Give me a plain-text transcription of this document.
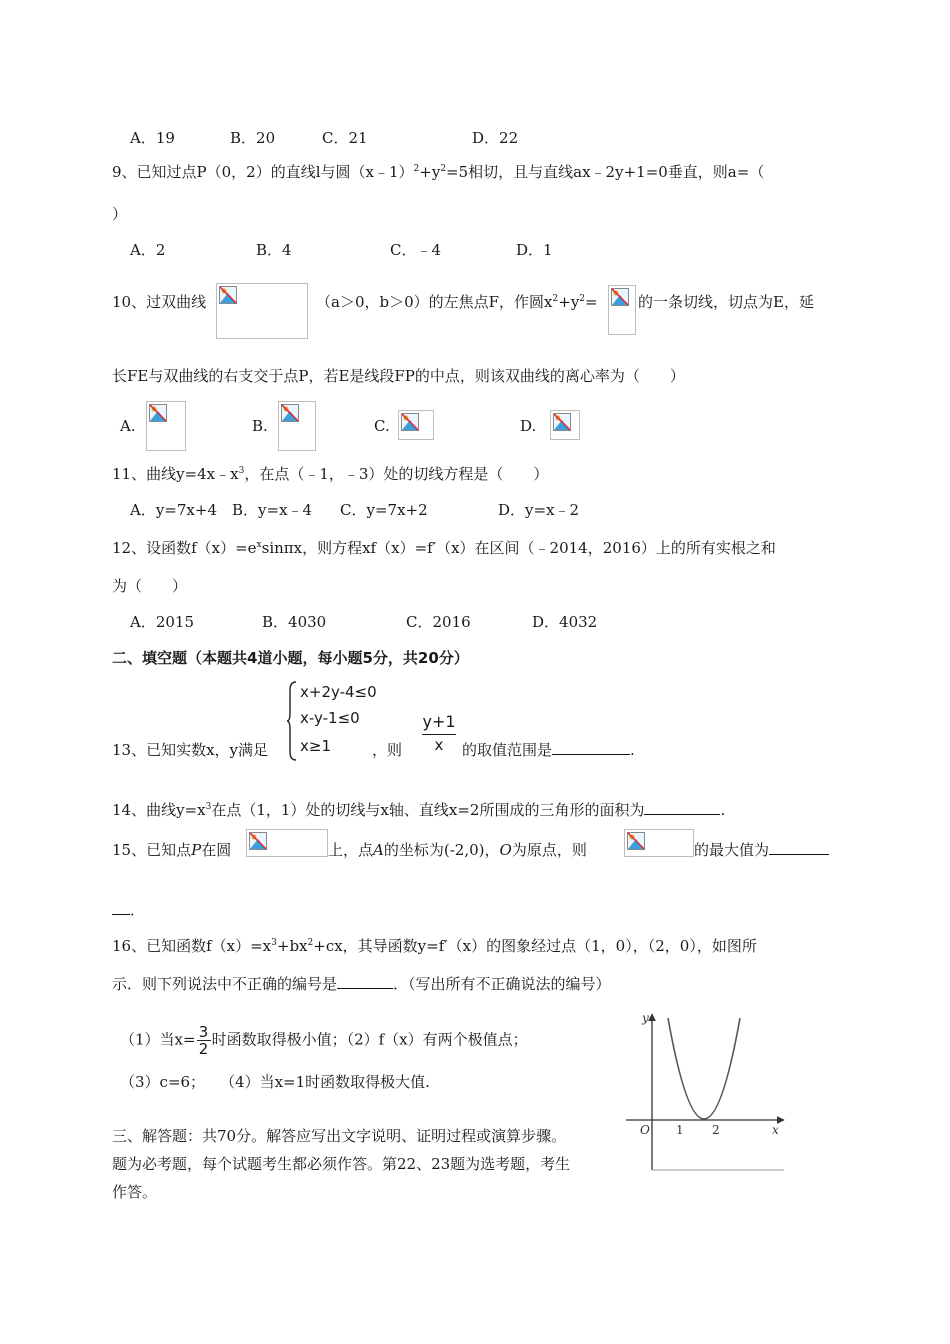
A．19	B．20	C．21	D．22
9、已知过点P（0，2）的直线l与圆$(x﹣1)^2+y^2=5$相切，且与直线ax﹣2y+1=0垂直，则a=（
）
A．2	B．4	C．﹣4	D．1
10、过双曲线	（a＞0，b＞0）的左焦点F，作圆$x^2+y^2=$	的一条切线，切点为E，延
长FE与双曲线的右支交于点P，若E是线段FP的中点，则该双曲线的离心率为（　　）
A.	B.	C.	D.
11、曲线$y=4x﹣x^3$，在点（﹣1，﹣3）处的切线方程是（　　）
A．y=7x+4 B．y=x﹣4 C．y=7x+2	D．y=x﹣2
12、设函数$f(x)=e^x\sin\pi x$，则方程xf（x）=f′（x）在区间（﹣2014，2016）上的所有实根之和
为（　　）
A．2015	B．4030	C．2016	D．4032
二、填空题（本题共4道小题，每小题5分，共20分）
x+2y-4≤0
x-y-1≤0
x≥1
13、已知实数x，y满足	，则
y+1
x	的取值范围是	.
14、曲线$y=x^3$在点（1，1）处的切线与x轴、直线x=2所围成的三角形的面积为	.
15、已知点P在圆	上，点A的坐标为(-2,0)，O为原点，则	的最大值为
．
16、已知函数$f(x)=x^3+bx^2+cx$，其导函数y=f′（x）的图象经过点（1，0），（2，0），如图所
示．则下列说法中不正确的编号是	．（写出所有不正确说法的编号）
（1）当$x= \frac{3}{2}$ 时函数取得极小值；（2）f（x）有两个极值点；
（3）c=6；　　（4）当x=1时函数取得极大值.
y
x
O 1 2
三、解答题：共70分。解答应写出文字说明、证明过程或演算步骤。
题为必考题，每个试题考生都必须作答。第22、23题为选考题，考生
作答。
